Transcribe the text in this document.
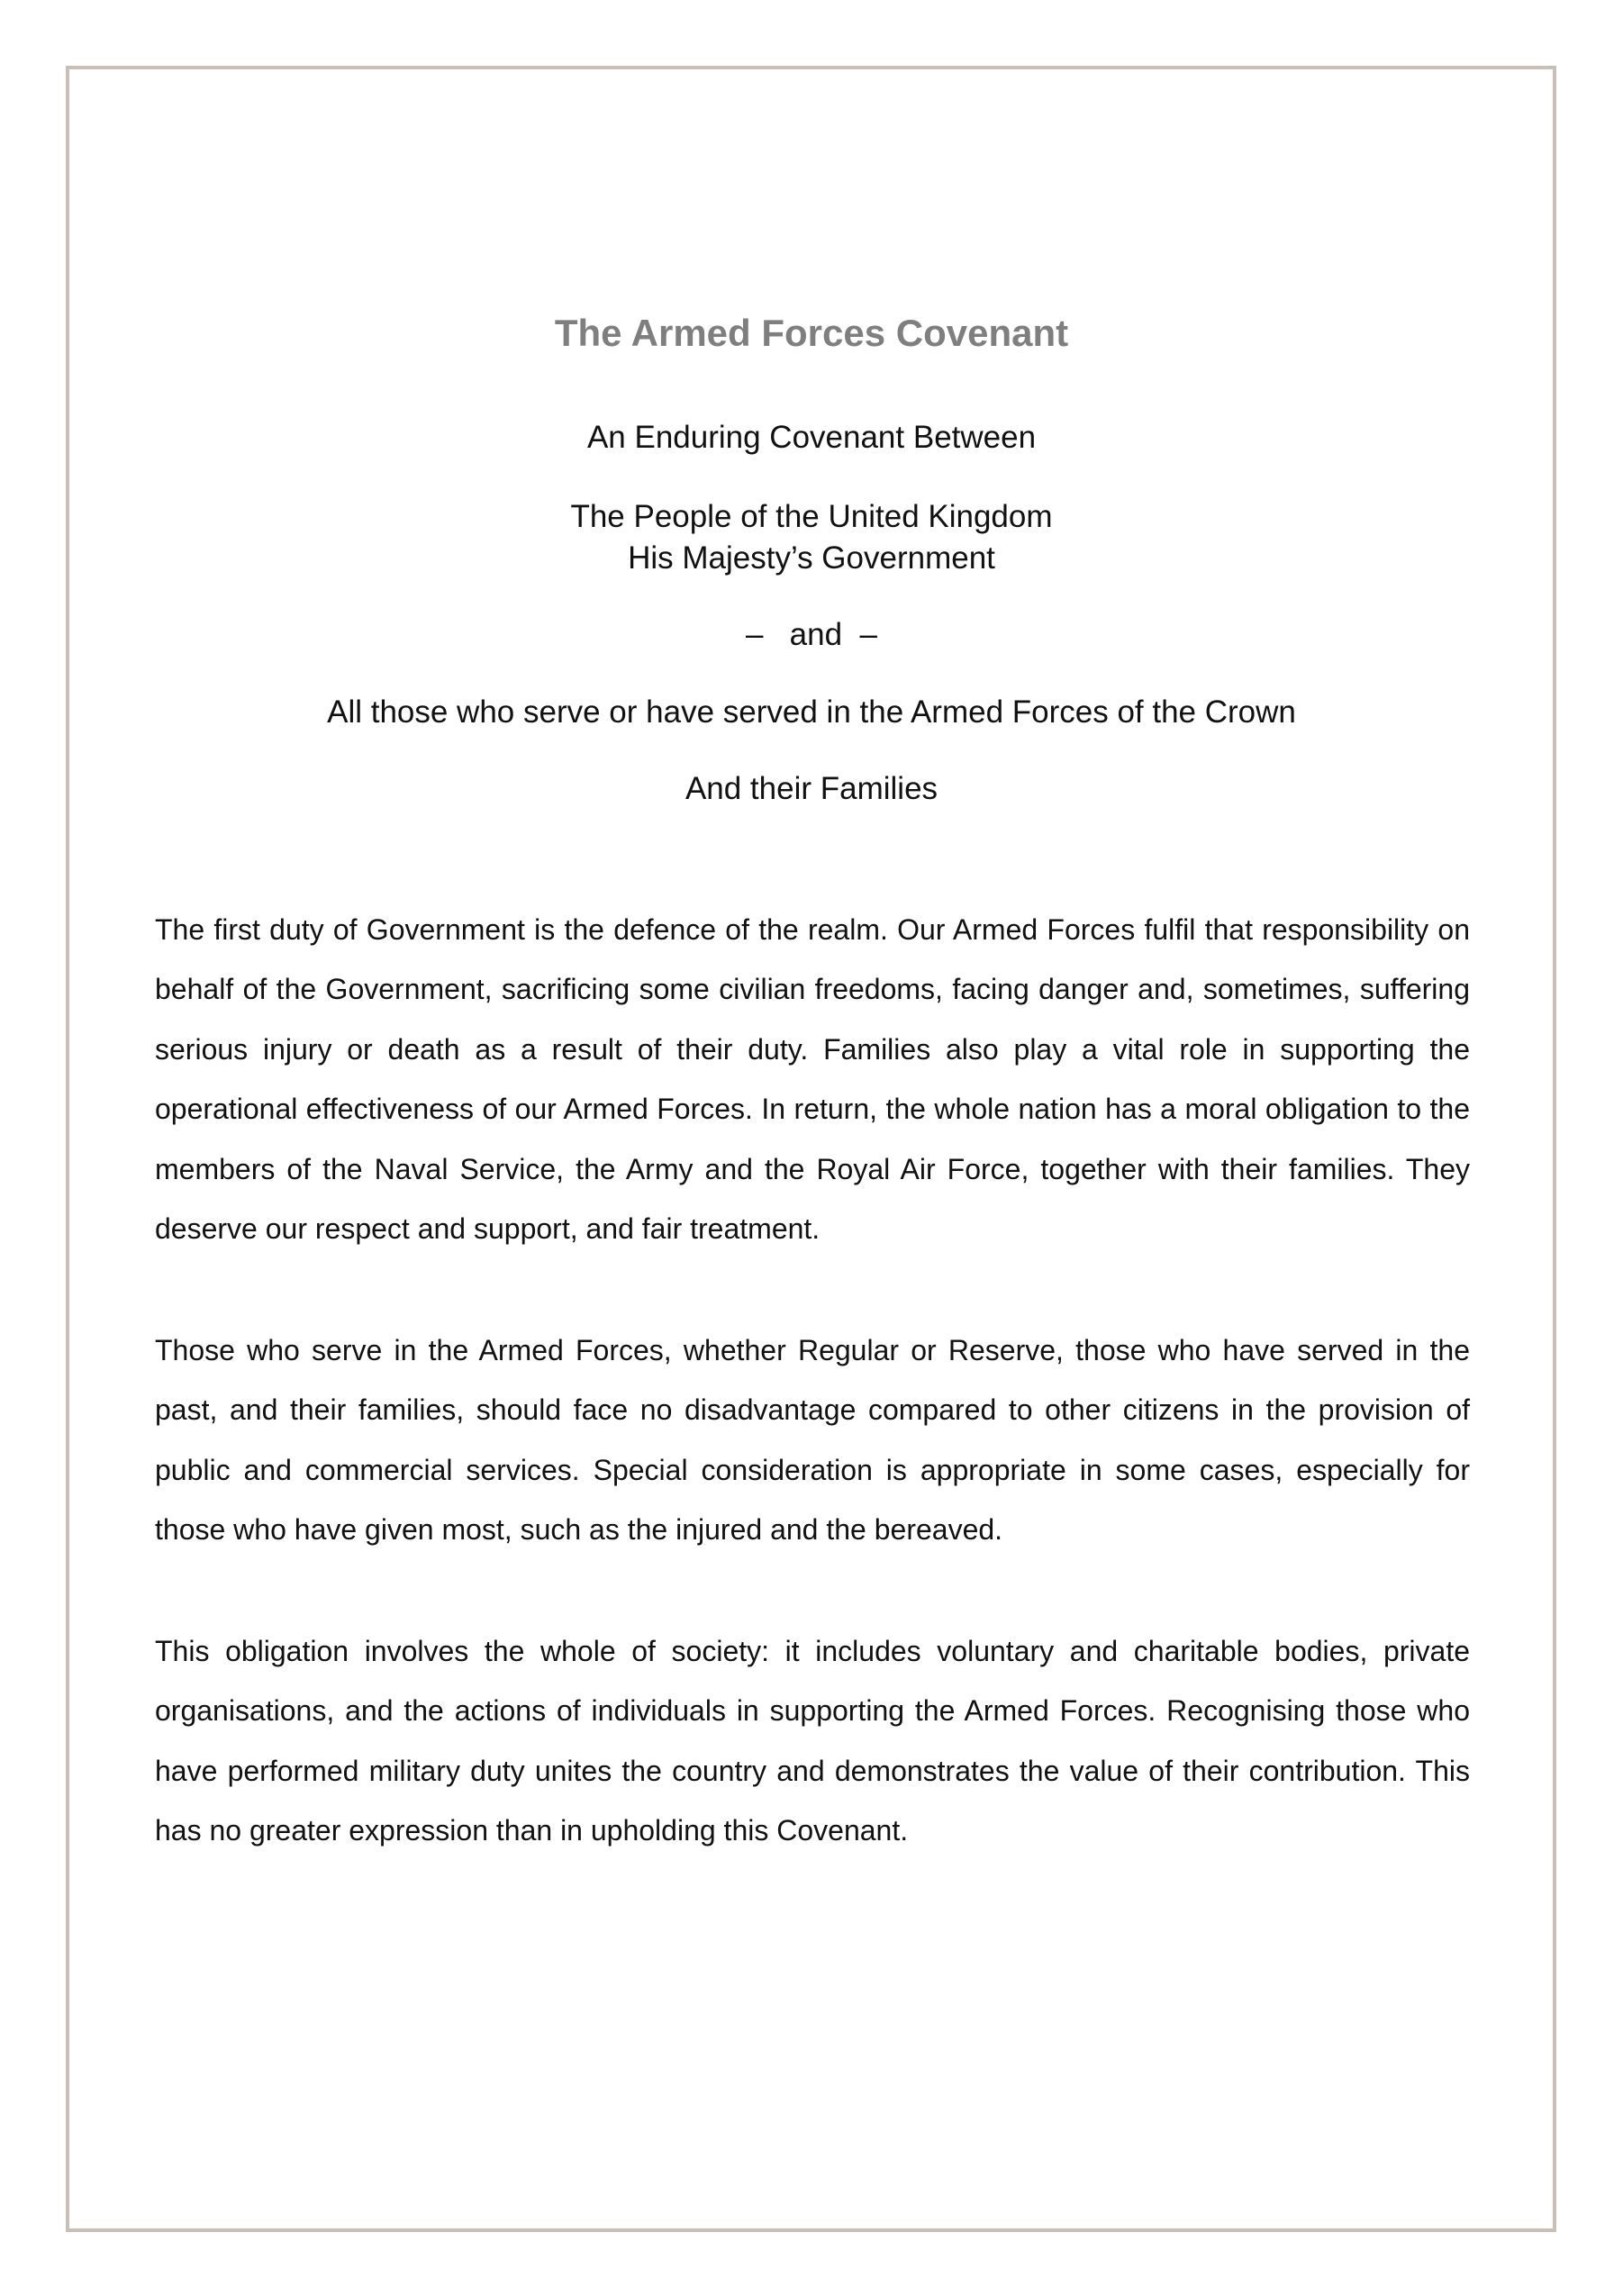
The Armed Forces Covenant
An Enduring Covenant Between
The People of the United Kingdom
His Majesty’s Government
–   and  –
All those who serve or have served in the Armed Forces of the Crown
And their Families

The first duty of Government is the defence of the realm. Our Armed Forces fulfil that responsibility on behalf of the Government, sacrificing some civilian freedoms, facing danger and, sometimes, suffering serious injury or death as a result of their duty. Families also play a vital role in supporting the operational effectiveness of our Armed Forces. In return, the whole nation has a moral obligation to the members of the Naval Service, the Army and the Royal Air Force, together with their families. They deserve our respect and support, and fair treatment.

Those who serve in the Armed Forces, whether Regular or Reserve, those who have served in the past, and their families, should face no disadvantage compared to other citizens in the provision of public and commercial services. Special consideration is appropriate in some cases, especially for those who have given most, such as the injured and the bereaved.

This obligation involves the whole of society: it includes voluntary and charitable bodies, private organisations, and the actions of individuals in supporting the Armed Forces. Recognising those who have performed military duty unites the country and demonstrates the value of their contribution. This has no greater expression than in upholding this Covenant.
